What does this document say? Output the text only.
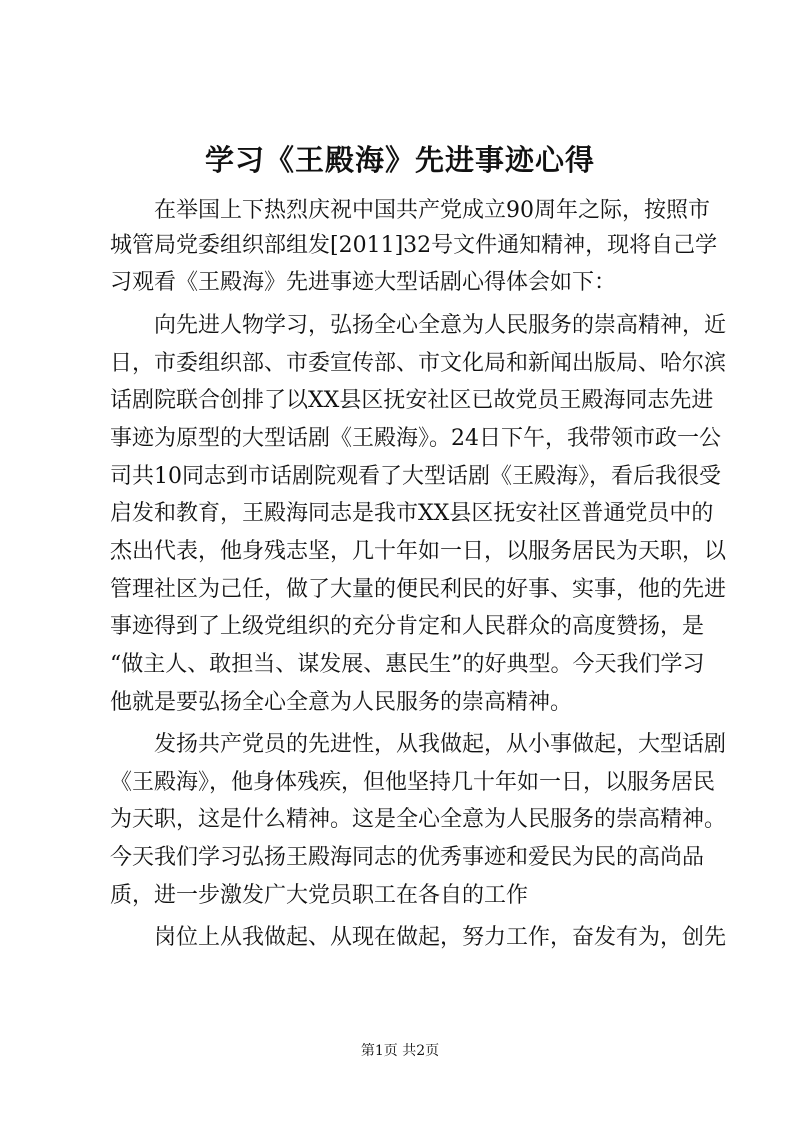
学习《王殿海》先进事迹心得

在举国上下热烈庆祝中国共产党成立90周年之际，按照市

城管局党委组织部组发[2011]32号文件通知精神，现将自己学

习观看《王殿海》先进事迹大型话剧心得体会如下：

向先进人物学习，弘扬全心全意为人民服务的崇高精神，近

日，市委组织部、市委宣传部、市文化局和新闻出版局、哈尔滨

话剧院联合创排了以XX县区抚安社区已故党员王殿海同志先进

事迹为原型的大型话剧《王殿海》。24日下午，我带领市政一公

司共10同志到市话剧院观看了大型话剧《王殿海》，看后我很受

启发和教育，王殿海同志是我市XX县区抚安社区普通党员中的

杰出代表，他身残志坚，几十年如一日，以服务居民为天职，以

管理社区为己任，做了大量的便民利民的好事、实事，他的先进

事迹得到了上级党组织的充分肯定和人民群众的高度赞扬，是

“做主人、敢担当、谋发展、惠民生”的好典型。今天我们学习

他就是要弘扬全心全意为人民服务的崇高精神。

发扬共产党员的先进性，从我做起，从小事做起，大型话剧

《王殿海》，他身体残疾，但他坚持几十年如一日，以服务居民

为天职，这是什么精神。这是全心全意为人民服务的崇高精神。

今天我们学习弘扬王殿海同志的优秀事迹和爱民为民的高尚品

质，进一步激发广大党员职工在各自的工作

岗位上从我做起、从现在做起，努力工作，奋发有为，创先

第1页 共2页
